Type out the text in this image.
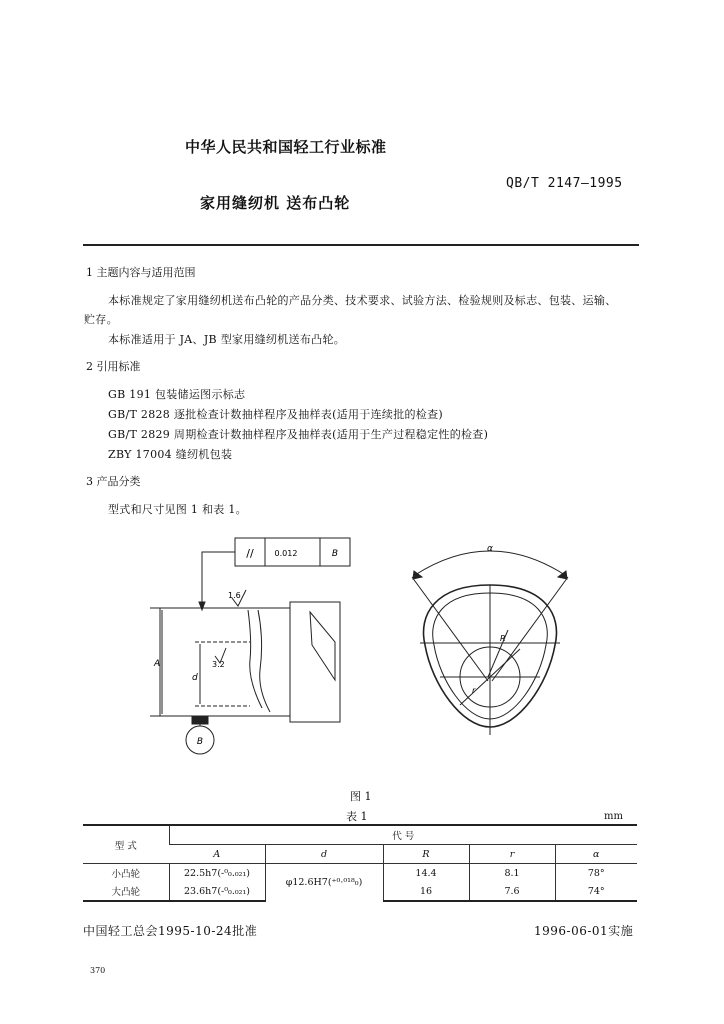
中华人民共和国轻工行业标准
QB/T 2147—1995
家用缝纫机 送布凸轮
1 主题内容与适用范围
本标准规定了家用缝纫机送布凸轮的产品分类、技术要求、试验方法、检验规则及标志、包装、运输、
贮存。
本标准适用于 JA、JB 型家用缝纫机送布凸轮。
2 引用标准
GB 191 包装储运图示标志
GB/T 2828 逐批检查计数抽样程序及抽样表(适用于连续批的检查)
GB/T 2829 周期检查计数抽样程序及抽样表(适用于生产过程稳定性的检查)
ZBY 17004 缝纫机包装
3 产品分类
型式和尺寸见图 1 和表 1。
0.012
//	B
B
1.6
3.2
A
d
α
R
r
图 1
表 1	mm
型 式	代 号				
	A	d	R	r	α
小凸轮	22.5h7(-⁰₀.₀₂₁)	φ12.6H7(⁺⁰·⁰¹⁸₀)	14.4	8.1	78°
大凸轮	23.6h7(-⁰₀.₀₂₁)		16	7.6	74°
中国轻工总会1995-10-24批准	1996-06-01实施
370
